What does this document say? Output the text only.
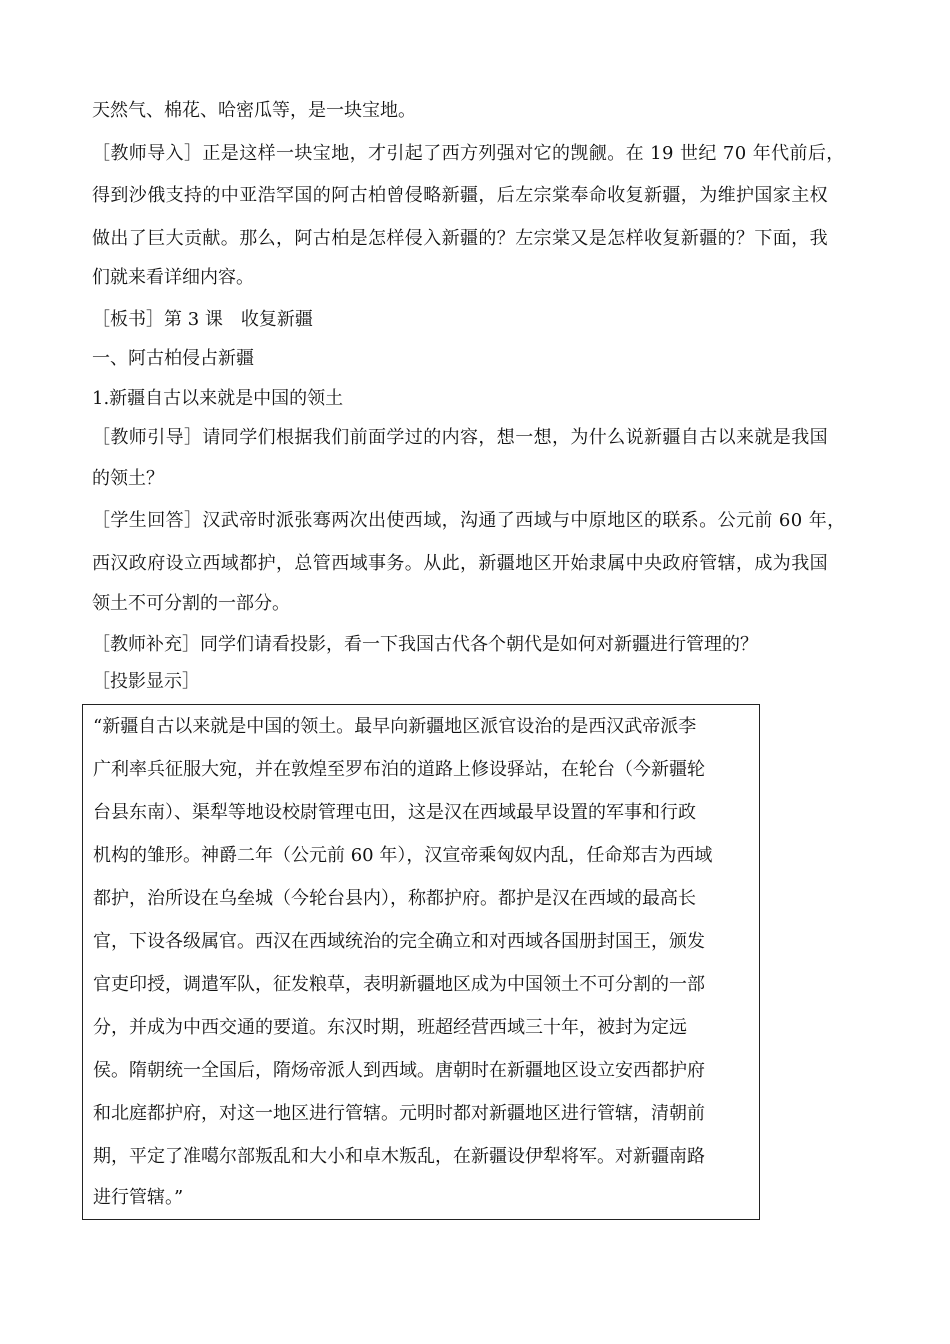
天然气、棉花、哈密瓜等，是一块宝地。
［教师导入］正是这样一块宝地，才引起了西方列强对它的觊觎。在 19 世纪 70 年代前后，
得到沙俄支持的中亚浩罕国的阿古柏曾侵略新疆，后左宗棠奉命收复新疆，为维护国家主权
做出了巨大贡献。那么，阿古柏是怎样侵入新疆的？左宗棠又是怎样收复新疆的？下面，我
们就来看详细内容。
［板书］第 3 课　收复新疆
一、阿古柏侵占新疆
1.新疆自古以来就是中国的领土
［教师引导］请同学们根据我们前面学过的内容，想一想，为什么说新疆自古以来就是我国
的领土？
［学生回答］汉武帝时派张骞两次出使西域，沟通了西域与中原地区的联系。公元前 60 年，
西汉政府设立西域都护，总管西域事务。从此，新疆地区开始隶属中央政府管辖，成为我国
领土不可分割的一部分。
［教师补充］同学们请看投影，看一下我国古代各个朝代是如何对新疆进行管理的？
［投影显示］
“新疆自古以来就是中国的领土。最早向新疆地区派官设治的是西汉武帝派李
广利率兵征服大宛，并在敦煌至罗布泊的道路上修设驿站，在轮台（今新疆轮
台县东南）、渠犁等地设校尉管理屯田，这是汉在西域最早设置的军事和行政
机构的雏形。神爵二年（公元前 60 年），汉宣帝乘匈奴内乱，任命郑吉为西域
都护，治所设在乌垒城（今轮台县内），称都护府。都护是汉在西域的最高长
官，下设各级属官。西汉在西域统治的完全确立和对西域各国册封国王，颁发
官吏印授，调遣军队，征发粮草，表明新疆地区成为中国领土不可分割的一部
分，并成为中西交通的要道。东汉时期，班超经营西域三十年，被封为定远
侯。隋朝统一全国后，隋炀帝派人到西域。唐朝时在新疆地区设立安西都护府
和北庭都护府，对这一地区进行管辖。元明时都对新疆地区进行管辖，清朝前
期，平定了准噶尔部叛乱和大小和卓木叛乱，在新疆设伊犁将军。对新疆南路
进行管辖。”
